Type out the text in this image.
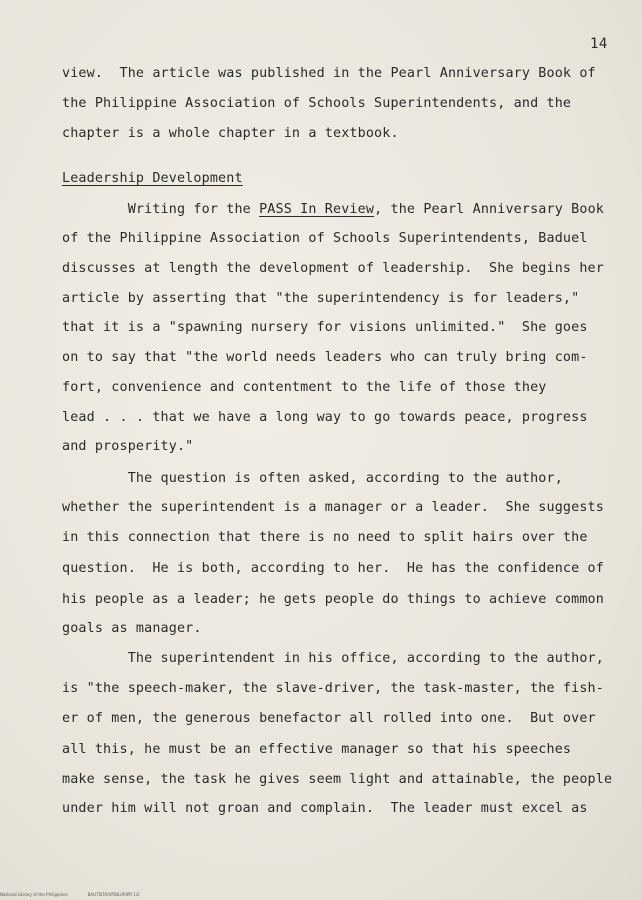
14
view.  The article was published in the Pearl Anniversary Book of
the Philippine Association of Schools Superintendents, and the
chapter is a whole chapter in a textbook.
Leadership Development
Writing for the PASS In Review, the Pearl Anniversary Book
of the Philippine Association of Schools Superintendents, Baduel
discusses at length the development of leadership.  She begins her
article by asserting that "the superintendency is for leaders,"
that it is a "spawning nursery for visions unlimited."  She goes
on to say that "the world needs leaders who can truly bring com-
fort, convenience and contentment to the life of those they
lead . . . that we have a long way to go towards peace, progress
and prosperity."
The question is often asked, according to the author,
whether the superintendent is a manager or a leader.  She suggests
in this connection that there is no need to split hairs over the
question.  He is both, according to her.  He has the confidence of
his people as a leader; he gets people do things to achieve common
goals as manager.
The superintendent in his office, according to the author,
is "the speech-maker, the slave-driver, the task-master, the fish-
er of men, the generous benefactor all rolled into one.  But over
all this, he must be an effective manager so that his speeches
make sense, the task he gives seem light and attainable, the people
under him will not groan and complain.  The leader must excel as
National Library of the Philippines	BAUTISTA/UPDILI/RIPR 1/2
